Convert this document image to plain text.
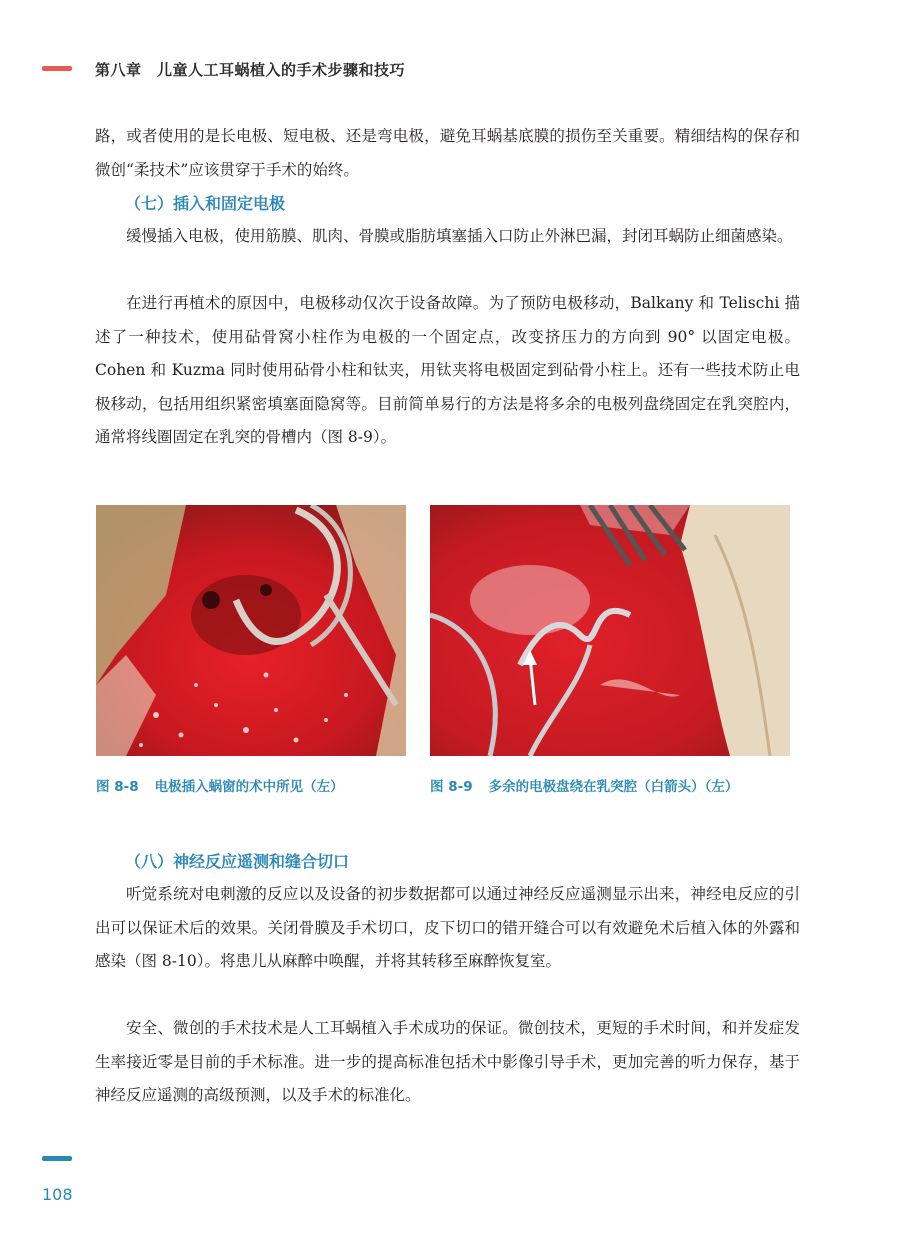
第八章　儿童人工耳蜗植入的手术步骤和技巧

路，或者使用的是长电极、短电极、还是弯电极，避免耳蜗基底膜的损伤至关重要。精细结构的保存和微创“柔技术”应该贯穿于手术的始终。

（七）插入和固定电极

缓慢插入电极，使用筋膜、肌肉、骨膜或脂肪填塞插入口防止外淋巴漏，封闭耳蜗防止细菌感染。

在进行再植术的原因中，电极移动仅次于设备故障。为了预防电极移动，Balkany 和 Telischi 描述了一种技术，使用砧骨窝小柱作为电极的一个固定点，改变挤压力的方向到 90° 以固定电极。Cohen 和 Kuzma 同时使用砧骨小柱和钛夹，用钛夹将电极固定到砧骨小柱上。还有一些技术防止电极移动，包括用组织紧密填塞面隐窝等。目前简单易行的方法是将多余的电极列盘绕固定在乳突腔内，通常将线圈固定在乳突的骨槽内（图 8-9）。

图 8-8 电极插入蜗窗的术中所见（左）	图 8-9 多余的电极盘绕在乳突腔（白箭头）（左）
（八）神经反应遥测和缝合切口

听觉系统对电刺激的反应以及设备的初步数据都可以通过神经反应遥测显示出来，神经电反应的引出可以保证术后的效果。关闭骨膜及手术切口，皮下切口的错开缝合可以有效避免术后植入体的外露和感染（图 8-10）。将患儿从麻醉中唤醒，并将其转移至麻醉恢复室。

安全、微创的手术技术是人工耳蜗植入手术成功的保证。微创技术，更短的手术时间，和并发症发生率接近零是目前的手术标准。进一步的提高标准包括术中影像引导手术，更加完善的听力保存，基于神经反应遥测的高级预测，以及手术的标准化。

108
